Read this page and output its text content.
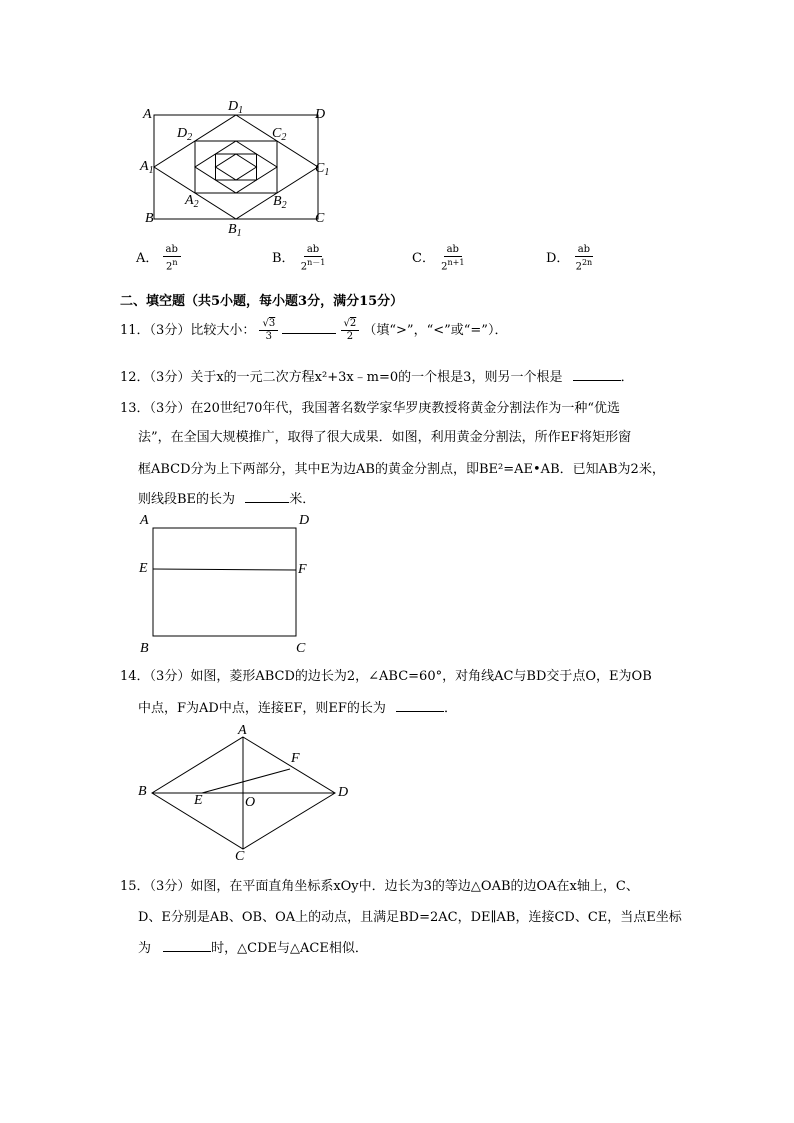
A
$D_1$	D
$D_2$	$C_2$
$A_1$	$C_1$
$A_2$	$B_2$
B
$B_1$
C
A． $\frac{ab}{2^n}$	B． $\frac{ab}{2^{n-1}}$	C． $\frac{ab}{2^{n+1}}$	D． $\frac{ab}{2^{2n}}$
二、填空题（共5小题，每小题3分，满分15分）
11．（3分）比较大小： $\frac{√3}{3}$
	$\frac{√2}{2}$ （填“>”，“<”或“=”）．
12．（3分）关于x的一元二次方程x²+3x﹣m=0的一个根是3，则另一个根是	．
13．（3分）在20世纪70年代，我国著名数学家华罗庚教授将黄金分割法作为一种“优选
法”，在全国大规模推广，取得了很大成果．如图，利用黄金分割法，所作EF将矩形窗
框ABCD分为上下两部分，其中E为边AB的黄金分割点，即BE²=AE•AB．已知AB为2米，
则线段BE的长为	米．
A	D
E	F
B	C
14．（3分）如图，菱形ABCD的边长为2，∠ABC=60°，对角线AC与BD交于点O，E为OB
中点，F为AD中点，连接EF，则EF的长为	．
A
F
B
E	O
D
C
15．（3分）如图，在平面直角坐标系xOy中．边长为3的等边△OAB的边OA在x轴上，C、
D、E分别是AB、OB、OA上的动点，且满足BD=2AC，DE∥AB，连接CD、CE，当点E坐标
为	时，△CDE与△ACE相似．
